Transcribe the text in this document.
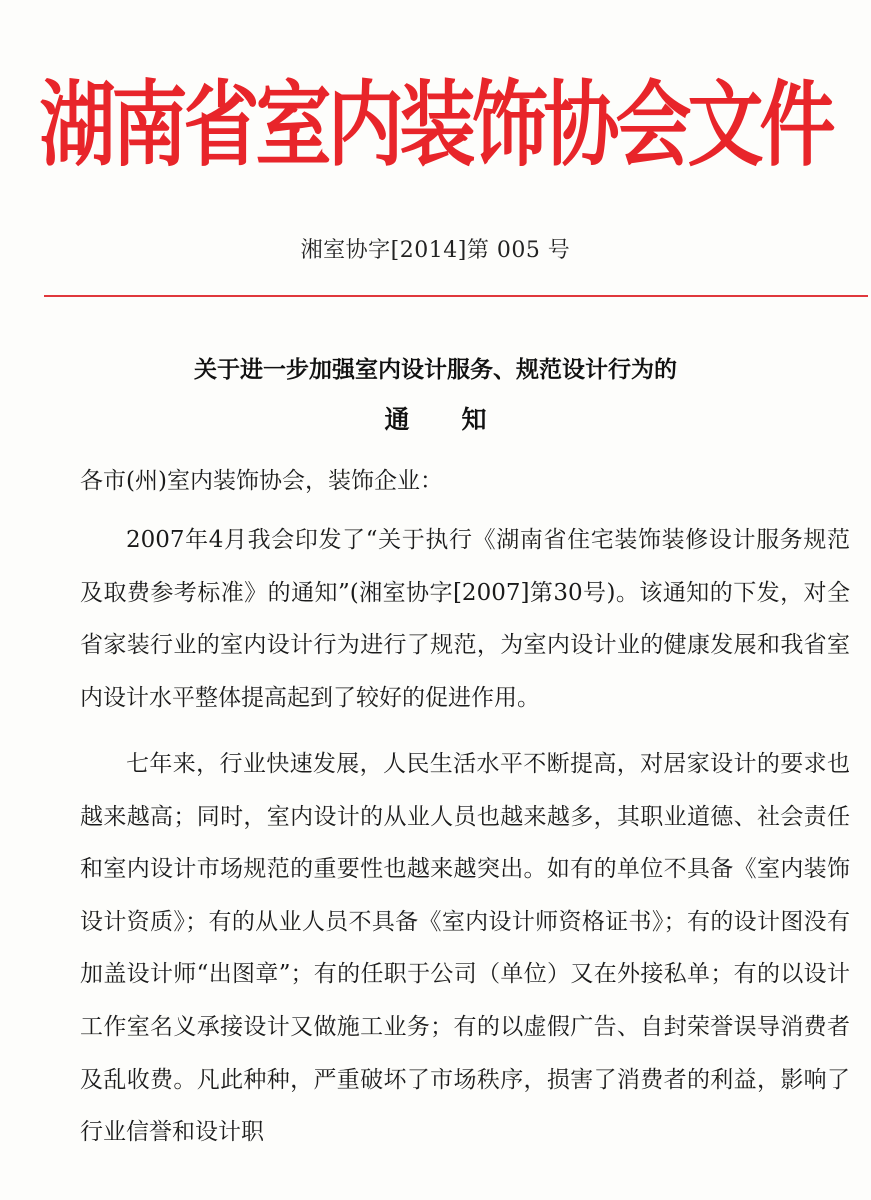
湖南省室内装饰协会文件
湘室协字[2014]第 005 号
关于进一步加强室内设计服务、规范设计行为的
通知
各市(州)室内装饰协会，装饰企业：

2007年4月我会印发了“关于执行《湖南省住宅装饰装修设计服务规范及取费参考标准》的通知”(湘室协字[2007]第30号)。该通知的下发，对全省家装行业的室内设计行为进行了规范，为室内设计业的健康发展和我省室内设计水平整体提高起到了较好的促进作用。

七年来，行业快速发展，人民生活水平不断提高，对居家设计的要求也越来越高；同时，室内设计的从业人员也越来越多，其职业道德、社会责任和室内设计市场规范的重要性也越来越突出。如有的单位不具备《室内装饰设计资质》；有的从业人员不具备《室内设计师资格证书》；有的设计图没有加盖设计师“出图章”；有的任职于公司（单位）又在外接私单；有的以设计工作室名义承接设计又做施工业务；有的以虚假广告、自封荣誉误导消费者及乱收费。凡此种种，严重破坏了市场秩序，损害了消费者的利益，影响了行业信誉和设计职
